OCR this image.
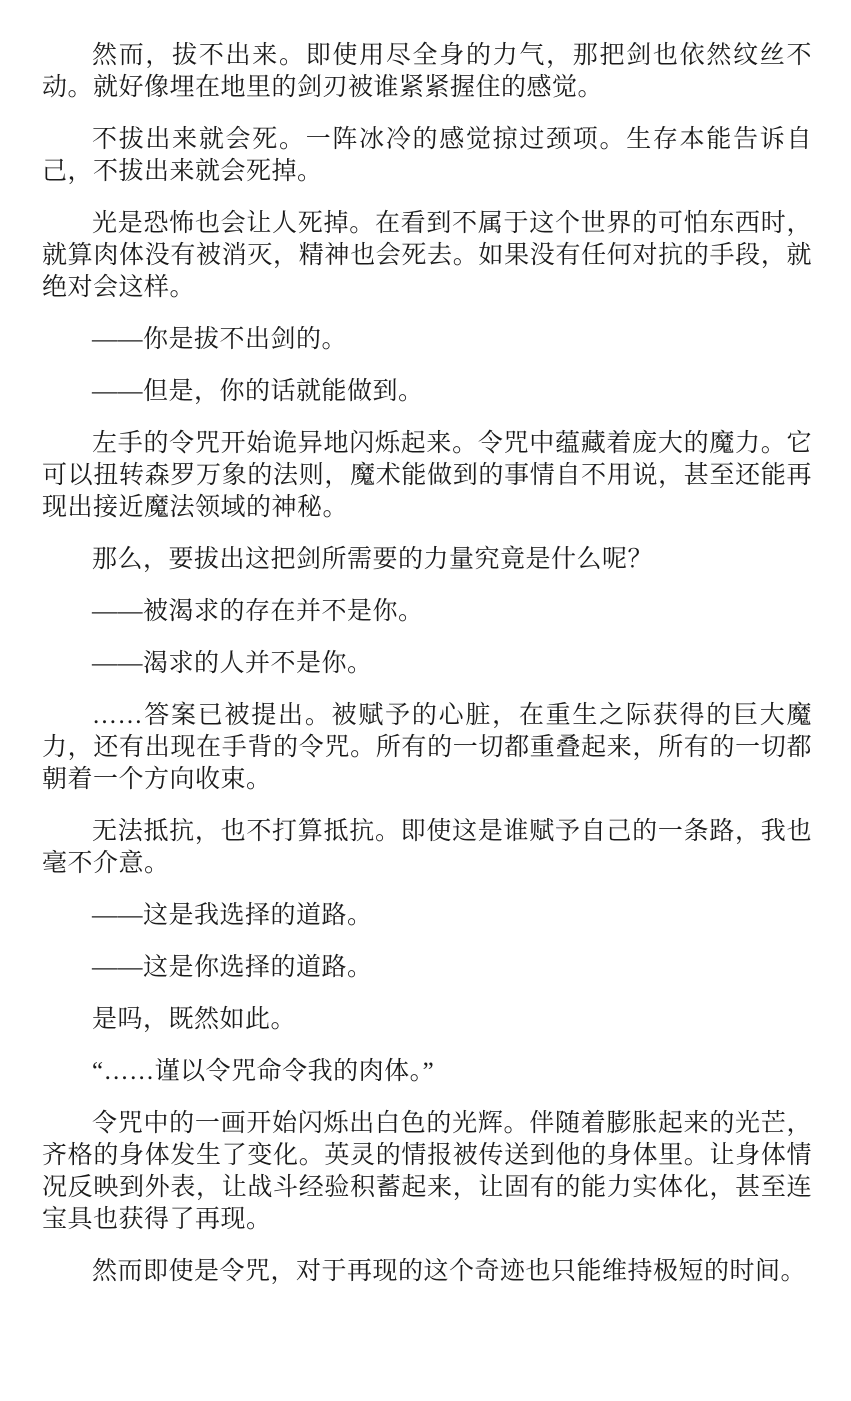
然而，拔不出来。即使用尽全身的力气，那把剑也依然纹丝不动。就好像埋在地里的剑刃被谁紧紧握住的感觉。

不拔出来就会死。一阵冰冷的感觉掠过颈项。生存本能告诉自己，不拔出来就会死掉。

光是恐怖也会让人死掉。在看到不属于这个世界的可怕东西时，就算肉体没有被消灭，精神也会死去。如果没有任何对抗的手段，就绝对会这样。

——你是拔不出剑的。

——但是，你的话就能做到。

左手的令咒开始诡异地闪烁起来。令咒中蕴藏着庞大的魔力。它可以扭转森罗万象的法则，魔术能做到的事情自不用说，甚至还能再现出接近魔法领域的神秘。

那么，要拔出这把剑所需要的力量究竟是什么呢？

——被渴求的存在并不是你。

——渴求的人并不是你。

……答案已被提出。被赋予的心脏，在重生之际获得的巨大魔力，还有出现在手背的令咒。所有的一切都重叠起来，所有的一切都朝着一个方向收束。

无法抵抗，也不打算抵抗。即使这是谁赋予自己的一条路，我也毫不介意。

——这是我选择的道路。

——这是你选择的道路。

是吗，既然如此。

“……谨以令咒命令我的肉体。”

令咒中的一画开始闪烁出白色的光辉。伴随着膨胀起来的光芒，齐格的身体发生了变化。英灵的情报被传送到他的身体里。让身体情况反映到外表，让战斗经验积蓄起来，让固有的能力实体化，甚至连宝具也获得了再现。

然而即使是令咒，对于再现的这个奇迹也只能维持极短的时间。
